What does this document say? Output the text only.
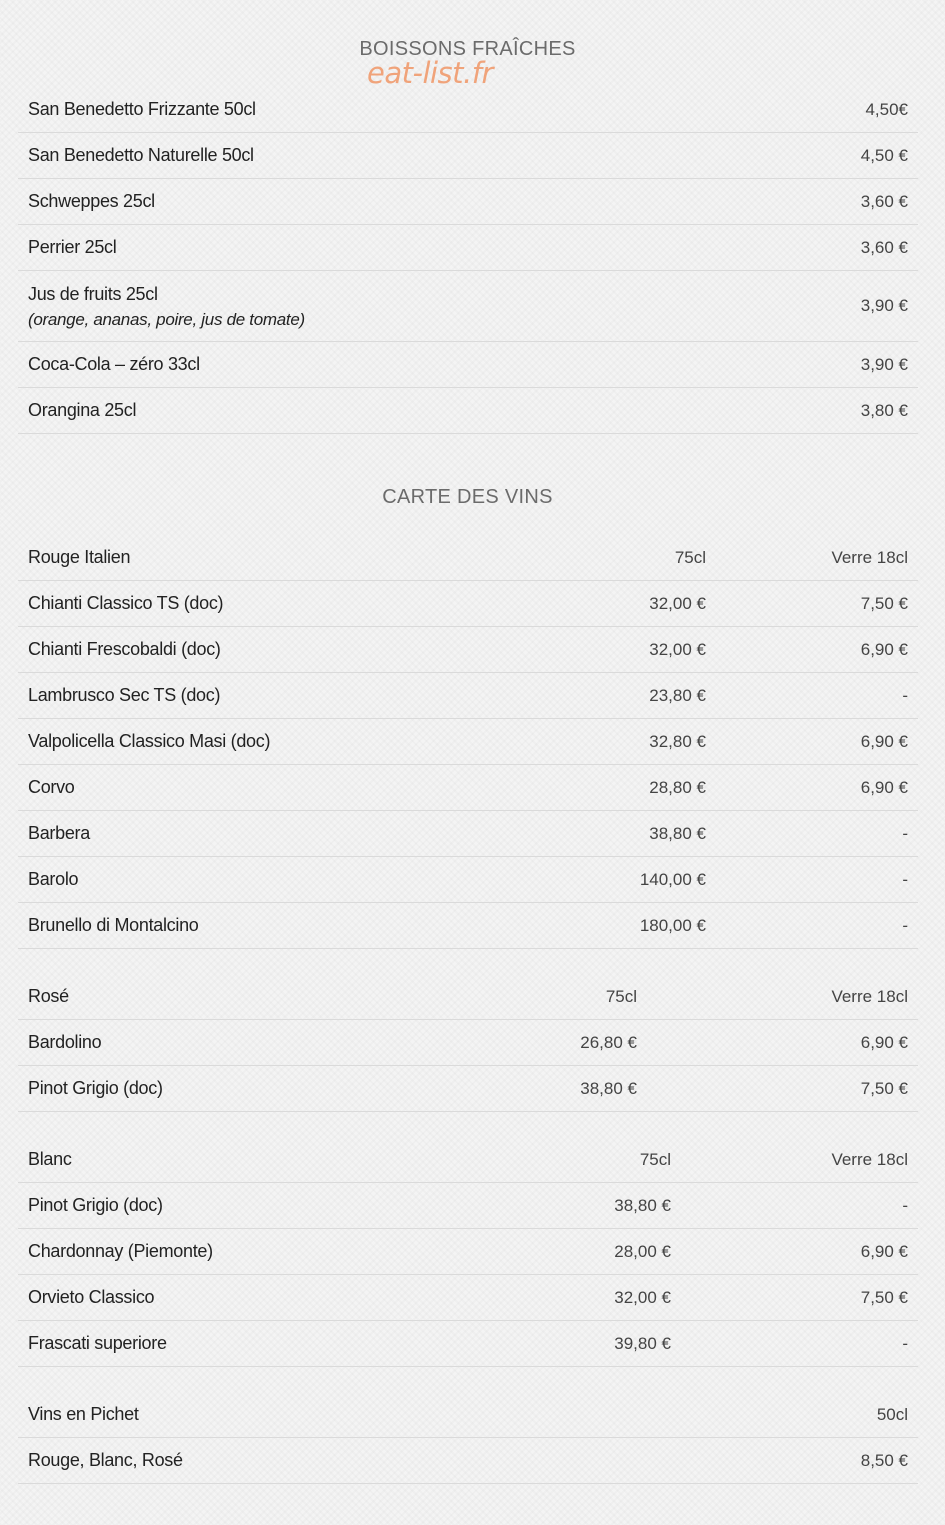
BOISSONS FRAÎCHES
eat-list.fr
San Benedetto Frizzante 50cl	4,50€
San Benedetto Naturelle 50cl	4,50 €
Schweppes 25cl	3,60 €
Perrier 25cl	3,60 €
Jus de fruits 25cl
(orange, ananas, poire, jus de tomate)
3,90 €
Coca-Cola – zéro 33cl	3,90 €
Orangina 25cl	3,80 €
CARTE DES VINS
Rouge Italien	75cl	Verre 18cl
Chianti Classico TS (doc)	32,00 €	7,50 €
Chianti Frescobaldi (doc)	32,00 €	6,90 €
Lambrusco Sec TS (doc)	23,80 €	-
Valpolicella Classico Masi (doc)	32,80 €	6,90 €
Corvo	28,80 €	6,90 €
Barbera	38,80 €	-
Barolo	140,00 €	-
Brunello di Montalcino	180,00 €	-
Rosé	75cl	Verre 18cl
Bardolino	26,80 €	6,90 €
Pinot Grigio (doc)	38,80 €	7,50 €
Blanc	75cl	Verre 18cl
Pinot Grigio (doc)	38,80 €	-
Chardonnay (Piemonte)	28,00 €	6,90 €
Orvieto Classico	32,00 €	7,50 €
Frascati superiore	39,80 €	-
Vins en Pichet	50cl
Rouge, Blanc, Rosé	8,50 €
